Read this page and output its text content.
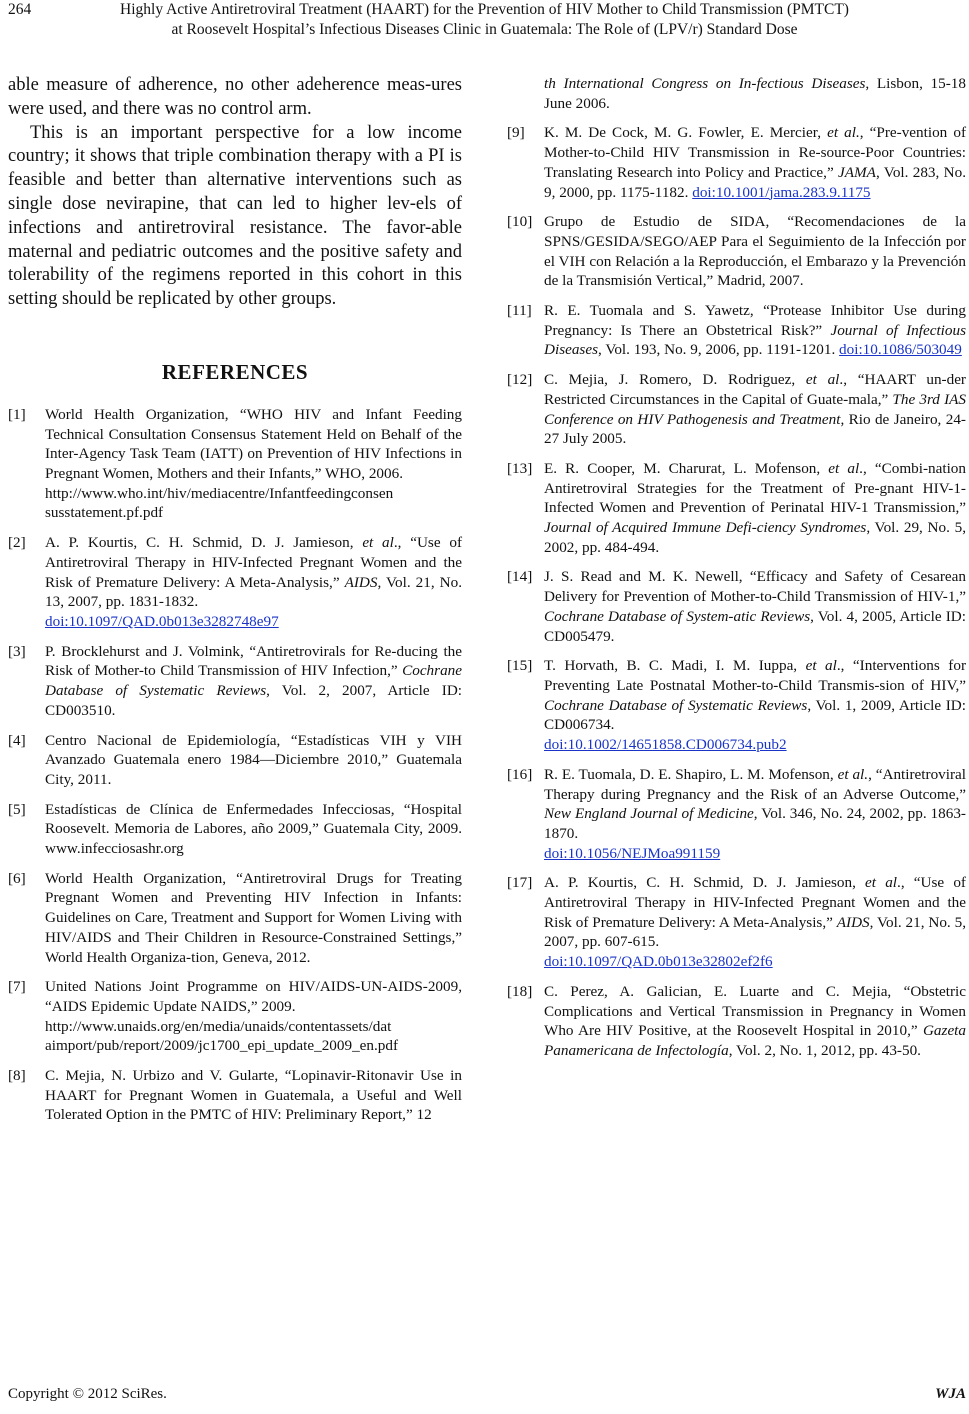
264	Highly Active Antiretroviral Treatment (HAART) for the Prevention of HIV Mother to Child Transmission (PMTCT)
at Roosevelt Hospital’s Infectious Diseases Clinic in Guatemala: The Role of (LPV/r) Standard Dose

able measure of adherence, no other adeherence meas-ures were used, and there was no control arm.

This is an important perspective for a low income country; it shows that triple combination therapy with a PI is feasible and better than alternative interventions such as single dose nevirapine, that can led to higher lev-els of infections and antiretroviral resistance. The favor-able maternal and pediatric outcomes and the positive safety and tolerability of the regimens reported in this cohort in this setting should be replicated by other groups.

REFERENCES
[1]	World Health Organization, “WHO HIV and Infant Feeding Technical Consultation Consensus Statement Held on Behalf of the Inter-Agency Task Team (IATT) on Prevention of HIV Infections in Pregnant Women, Mothers and their Infants,” WHO, 2006.
http://www.who.int/hiv/mediacentre/Infantfeedingconsen
susstatement.pf.pdf
[2]	A. P. Kourtis, C. H. Schmid, D. J. Jamieson, et al., “Use of Antiretroviral Therapy in HIV-Infected Pregnant Women and the Risk of Premature Delivery: A Meta-Analysis,” AIDS, Vol. 21, No. 13, 2007, pp. 1831-1832.
doi:10.1097/QAD.0b013e3282748e97
[3]	P. Brocklehurst and J. Volmink, “Antiretrovirals for Re-ducing the Risk of Mother-to Child Transmission of HIV Infection,” Cochrane Database of Systematic Reviews, Vol. 2, 2007, Article ID: CD003510.
[4]	Centro Nacional de Epidemiología, “Estadísticas VIH y VIH Avanzado Guatemala enero 1984—Diciembre 2010,” Guatemala City, 2011.
[5]	Estadísticas de Clínica de Enfermedades Infecciosas, “Hospital Roosevelt. Memoria de Labores, año 2009,” Guatemala City, 2009. www.infecciosashr.org
[6]	World Health Organization, “Antiretroviral Drugs for Treating Pregnant Women and Preventing HIV Infection in Infants: Guidelines on Care, Treatment and Support for Women Living with HIV/AIDS and Their Children in Resource-Constrained Settings,” World Health Organiza-tion, Geneva, 2012.
[7]	United Nations Joint Programme on HIV/AIDS-UN-AIDS-2009, “AIDS Epidemic Update NAIDS,” 2009.
http://www.unaids.org/en/media/unaids/contentassets/dat
aimport/pub/report/2009/jc1700_epi_update_2009_en.pdf
[8]	C. Mejia, N. Urbizo and V. Gularte, “Lopinavir-Ritonavir Use in HAART for Pregnant Women in Guatemala, a Useful and Well Tolerated Option in the PMTC of HIV: Preliminary Report,” 12
th International Congress on In-fectious Diseases, Lisbon, 15-18 June 2006.
[9]	K. M. De Cock, M. G. Fowler, E. Mercier, et al., “Pre-vention of Mother-to-Child HIV Transmission in Re-source-Poor Countries: Translating Research into Policy and Practice,” JAMA, Vol. 283, No. 9, 2000, pp. 1175-1182. doi:10.1001/jama.283.9.1175
[10] Grupo de Estudio de SIDA, “Recomendaciones de la SPNS/GESIDA/SEGO/AEP Para el Seguimiento de la Infección por el VIH con Relación a la Reproducción, el Embarazo y la Prevención de la Transmisión Vertical,” Madrid, 2007.
[11] R. E. Tuomala and S. Yawetz, “Protease Inhibitor Use during Pregnancy: Is There an Obstetrical Risk?” Journal of Infectious Diseases, Vol. 193, No. 9, 2006, pp. 1191-1201. doi:10.1086/503049
[12] C. Mejia, J. Romero, D. Rodriguez, et al., “HAART un-der Restricted Circumstances in the Capital of Guate-mala,” The 3rd IAS Conference on HIV Pathogenesis and Treatment, Rio de Janeiro, 24-27 July 2005.
[13] E. R. Cooper, M. Charurat, L. Mofenson, et al., “Combi-nation Antiretroviral Strategies for the Treatment of Pre-gnant HIV-1-Infected Women and Prevention of Perinatal HIV-1 Transmission,” Journal of Acquired Immune Defi-ciency Syndromes, Vol. 29, No. 5, 2002, pp. 484-494.
[14] J. S. Read and M. K. Newell, “Efficacy and Safety of Cesarean Delivery for Prevention of Mother-to-Child Transmission of HIV-1,” Cochrane Database of System-atic Reviews, Vol. 4, 2005, Article ID: CD005479.
[15] T. Horvath, B. C. Madi, I. M. Iuppa, et al., “Interventions for Preventing Late Postnatal Mother-to-Child Transmis-sion of HIV,” Cochrane Database of Systematic Reviews, Vol. 1, 2009, Article ID: CD006734.
doi:10.1002/14651858.CD006734.pub2
[16] R. E. Tuomala, D. E. Shapiro, L. M. Mofenson, et al., “Antiretroviral Therapy during Pregnancy and the Risk of an Adverse Outcome,” New England Journal of Medicine, Vol. 346, No. 24, 2002, pp. 1863-1870.
doi:10.1056/NEJMoa991159
[17] A. P. Kourtis, C. H. Schmid, D. J. Jamieson, et al., “Use of Antiretroviral Therapy in HIV-Infected Pregnant Women and the Risk of Premature Delivery: A Meta-Analysis,” AIDS, Vol. 21, No. 5, 2007, pp. 607-615.
doi:10.1097/QAD.0b013e32802ef2f6
[18] C. Perez, A. Galician, E. Luarte and C. Mejia, “Obstetric Complications and Vertical Transmission in Pregnancy in Women Who Are HIV Positive, at the Roosevelt Hospital in 2010,” Gazeta Panamericana de Infectología, Vol. 2, No. 1, 2012, pp. 43-50.
Copyright © 2012 SciRes.	WJA
